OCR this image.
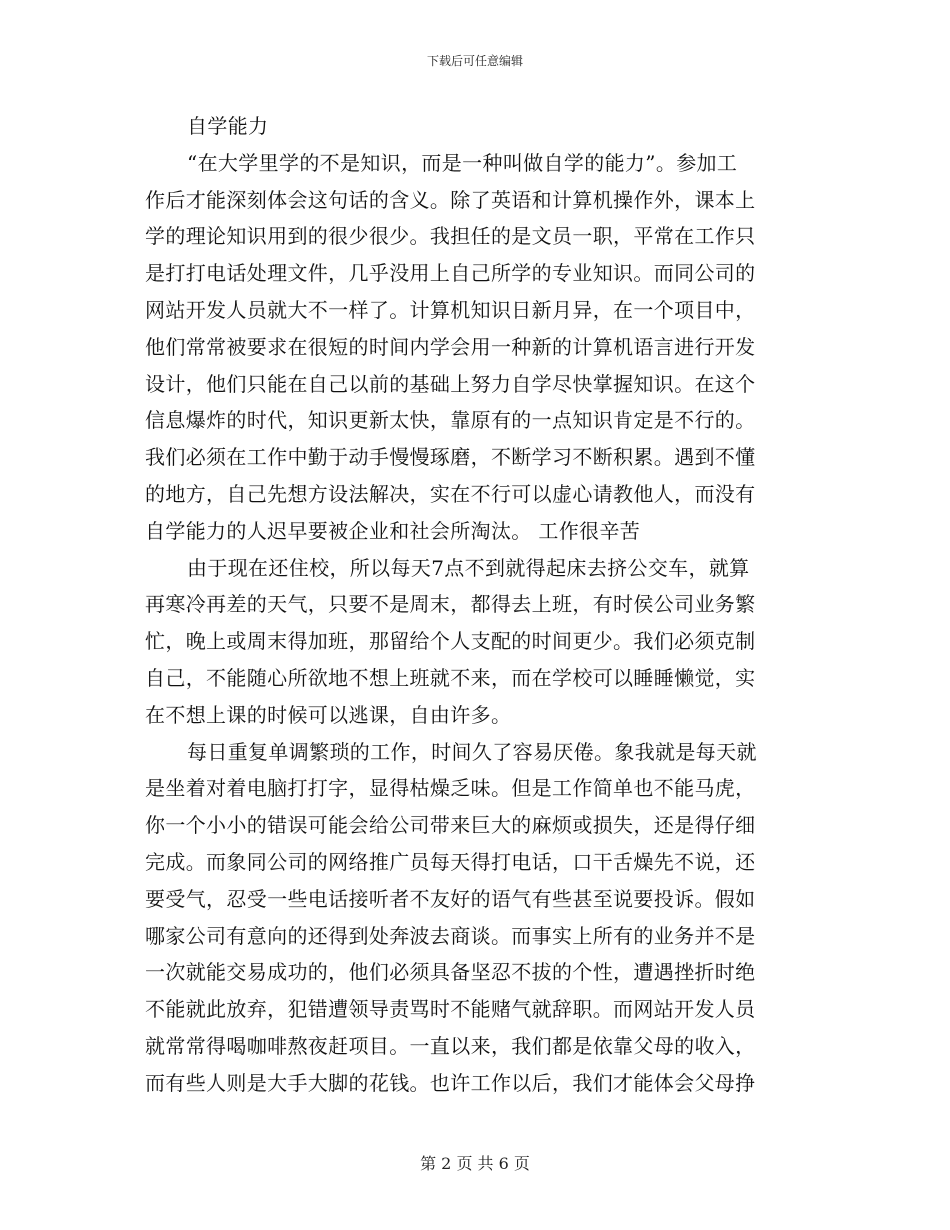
下载后可任意编辑
自学能力
“在大学里学的不是知识，而是一种叫做自学的能力”。参加工
作后才能深刻体会这句话的含义。除了英语和计算机操作外，课本上
学的理论知识用到的很少很少。我担任的是文员一职，平常在工作只
是打打电话处理文件，几乎没用上自己所学的专业知识。而同公司的
网站开发人员就大不一样了。计算机知识日新月异，在一个项目中，
他们常常被要求在很短的时间内学会用一种新的计算机语言进行开发
设计，他们只能在自己以前的基础上努力自学尽快掌握知识。在这个
信息爆炸的时代，知识更新太快，靠原有的一点知识肯定是不行的。
我们必须在工作中勤于动手慢慢琢磨，不断学习不断积累。遇到不懂
的地方，自己先想方设法解决，实在不行可以虚心请教他人，而没有
自学能力的人迟早要被企业和社会所淘汰。 工作很辛苦
由于现在还住校，所以每天7点不到就得起床去挤公交车，就算
再寒冷再差的天气，只要不是周末，都得去上班，有时侯公司业务繁
忙，晚上或周末得加班，那留给个人支配的时间更少。我们必须克制
自己，不能随心所欲地不想上班就不来，而在学校可以睡睡懒觉，实
在不想上课的时候可以逃课，自由许多。
每日重复单调繁琐的工作，时间久了容易厌倦。象我就是每天就
是坐着对着电脑打打字，显得枯燥乏味。但是工作简单也不能马虎，
你一个小小的错误可能会给公司带来巨大的麻烦或损失，还是得仔细
完成。而象同公司的网络推广员每天得打电话，口干舌燥先不说，还
要受气，忍受一些电话接听者不友好的语气有些甚至说要投诉。假如
哪家公司有意向的还得到处奔波去商谈。而事实上所有的业务并不是
一次就能交易成功的，他们必须具备坚忍不拔的个性，遭遇挫折时绝
不能就此放弃，犯错遭领导责骂时不能赌气就辞职。而网站开发人员
就常常得喝咖啡熬夜赶项目。一直以来，我们都是依靠父母的收入，
而有些人则是大手大脚的花钱。也许工作以后，我们才能体会父母挣
第 2 页 共 6 页
